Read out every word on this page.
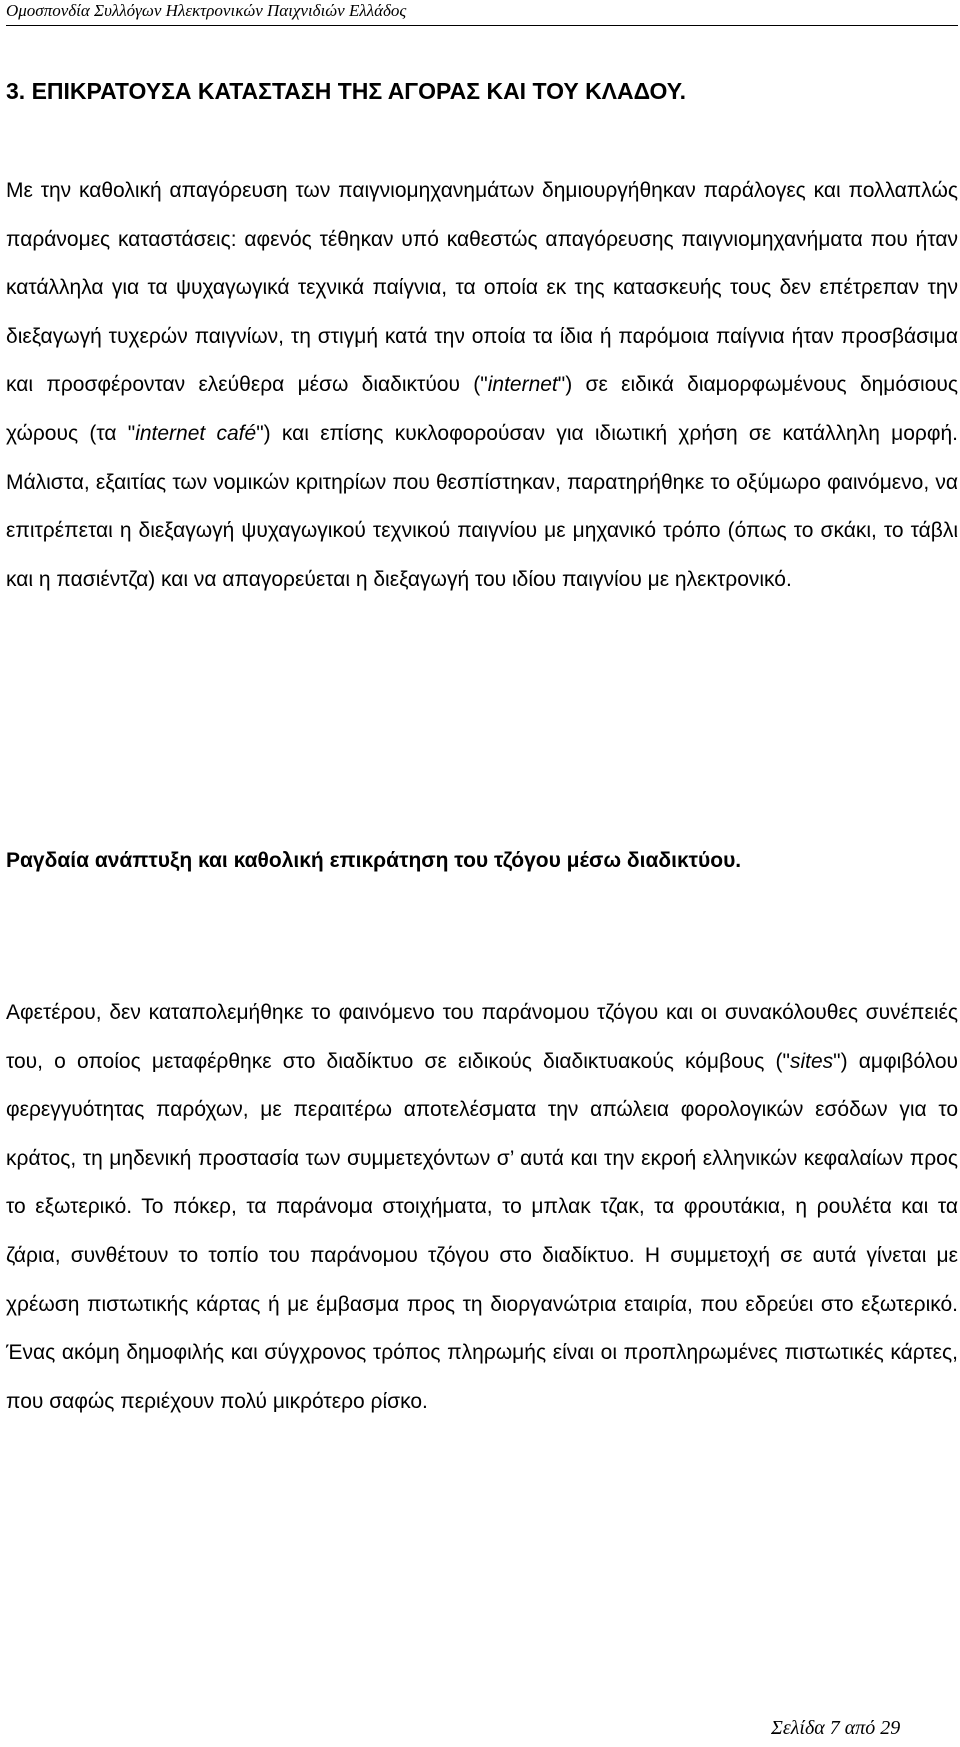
Ομοσπονδία Συλλόγων Ηλεκτρονικών Παιχνιδιών Ελλάδος
3. ΕΠΙΚΡΑΤΟΥΣΑ ΚΑΤΑΣΤΑΣΗ ΤΗΣ ΑΓΟΡΑΣ ΚΑΙ ΤΟΥ ΚΛΑΔΟΥ.

Με την καθολική απαγόρευση των παιγνιομηχανημάτων δημιουργήθηκαν παράλογες και πολλαπλώς παράνομες καταστάσεις: αφενός τέθηκαν υπό καθεστώς απαγόρευσης παιγνιομηχανήματα που ήταν κατάλληλα για τα ψυχαγωγικά τεχνικά παίγνια, τα οποία εκ της κατασκευής τους δεν επέτρεπαν την διεξαγωγή τυχερών παιγνίων, τη στιγμή κατά την οποία τα ίδια ή παρόμοια παίγνια ήταν προσβάσιμα και προσφέρονταν ελεύθερα μέσω διαδικτύου ("internet") σε ειδικά διαμορφωμένους δημόσιους χώρους (τα "internet café") και επίσης κυκλοφορούσαν για ιδιωτική χρήση σε κατάλληλη μορφή. Μάλιστα, εξαιτίας των νομικών κριτηρίων που θεσπίστηκαν, παρατηρήθηκε το οξύμωρο φαινόμενο, να επιτρέπεται η διεξαγωγή ψυχαγωγικού τεχνικού παιγνίου με μηχανικό τρόπο (όπως το σκάκι, το τάβλι και η πασιέντζα) και να απαγορεύεται η διεξαγωγή του ιδίου παιγνίου με ηλεκτρονικό.

Ραγδαία ανάπτυξη και καθολική επικράτηση του τζόγου μέσω διαδικτύου.

Αφετέρου, δεν καταπολεμήθηκε το φαινόμενο του παράνομου τζόγου και οι συνακόλουθες συνέπειές του, ο οποίος μεταφέρθηκε στο διαδίκτυο σε ειδικούς διαδικτυακούς κόμβους ("sites") αμφιβόλου φερεγγυότητας παρόχων, με περαιτέρω αποτελέσματα την απώλεια φορολογικών εσόδων για το κράτος, τη μηδενική προστασία των συμμετεχόντων σ’ αυτά και την εκροή ελληνικών κεφαλαίων προς το εξωτερικό. Το πόκερ, τα παράνομα στοιχήματα, το μπλακ τζακ, τα φρουτάκια, η ρουλέτα και τα ζάρια, συνθέτουν το τοπίο του παράνομου τζόγου στο διαδίκτυο. Η συμμετοχή σε αυτά γίνεται με χρέωση πιστωτικής κάρτας ή με έμβασμα προς τη διοργανώτρια εταιρία, που εδρεύει στο εξωτερικό. Ένας ακόμη δημοφιλής και σύγχρονος τρόπος πληρωμής είναι οι προπληρωμένες πιστωτικές κάρτες, που σαφώς περιέχουν πολύ μικρότερο ρίσκο.

Σελίδα 7 από 29
